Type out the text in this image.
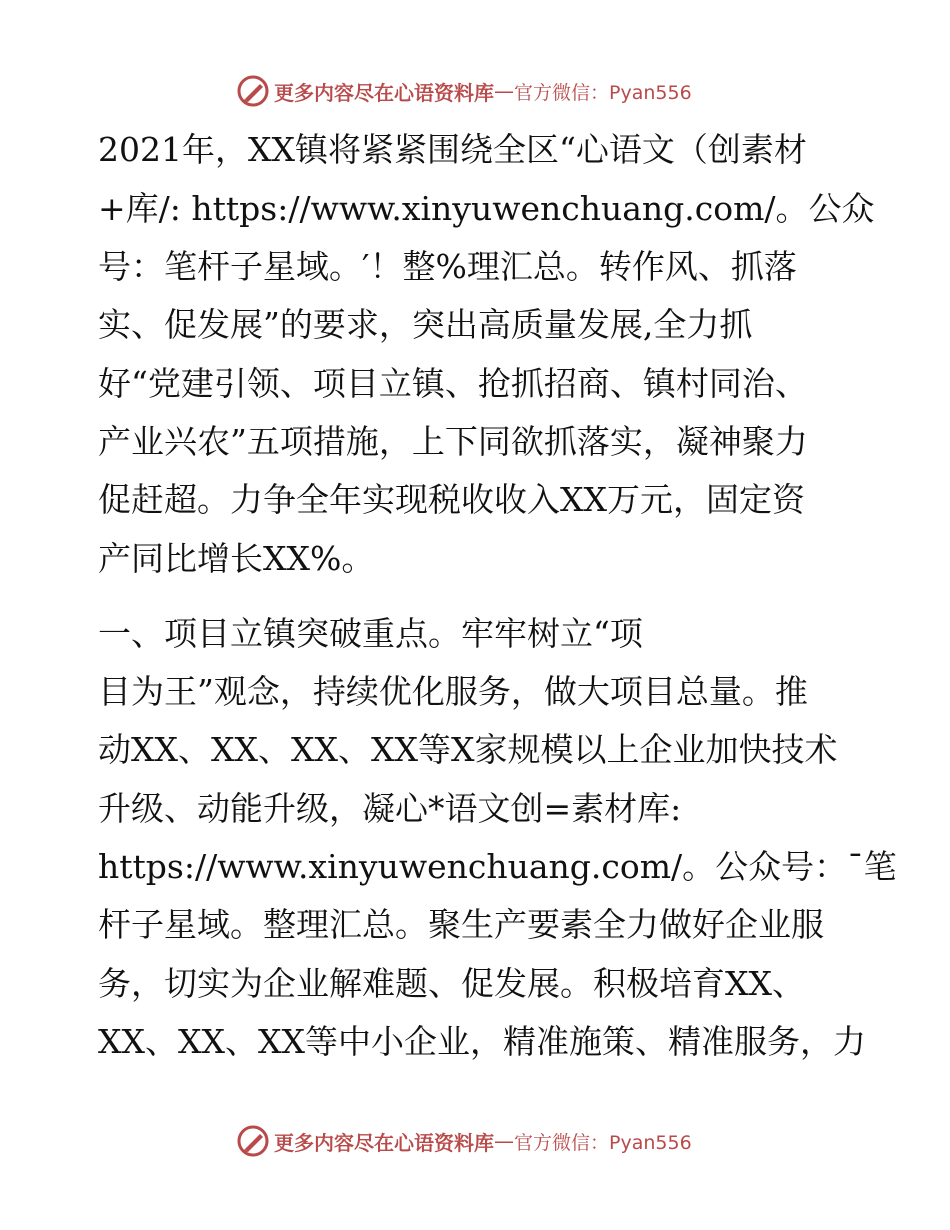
更多内容尽在心语资料库 — 官方微信：Pyan556
2021年，XX镇将紧紧围绕全区“心语文（创素材
+库/: https://www.xinyuwenchuang.com/。公众
号：笔杆子星域。′！整%理汇总。转作风、抓落
实、促发展”的要求，突出高质量发展,全力抓
好“党建引领、项目立镇、抢抓招商、镇村同治、
产业兴农”五项措施，上下同欲抓落实，凝神聚力
促赶超。力争全年实现税收收入XX万元，固定资
产同比增长XX%。
一、项目立镇突破重点。牢牢树立“项
目为王”观念，持续优化服务，做大项目总量。推
动XX、XX、XX、XX等X家规模以上企业加快技术
升级、动能升级，凝心*语文创=素材库:
https://www.xinyuwenchuang.com/。公众号：¯笔
杆子星域。整理汇总。聚生产要素全力做好企业服
务，切实为企业解难题、促发展。积极培育XX、
XX、XX、XX等中小企业，精准施策、精准服务，力
更多内容尽在心语资料库 — 官方微信：Pyan556
